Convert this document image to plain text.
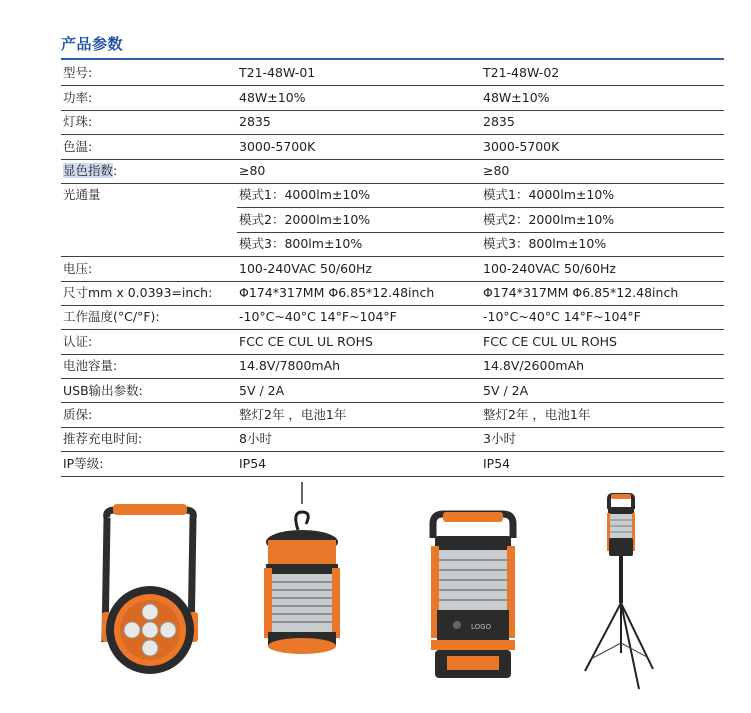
产品参数
型号:	T21-48W-01	T21-48W-02
功率:	48W±10%	48W±10%
灯珠:	2835	2835
色温:	3000-5700K	3000-5700K
显色指数:	≥80	≥80
光通量	模式1：4000lm±10%	模式1：4000lm±10%
	模式2：2000lm±10%	模式2：2000lm±10%
	模式3：800lm±10%	模式3：800lm±10%
电压:	100-240VAC 50/60Hz	100-240VAC 50/60Hz
尺寸mm x 0.0393=inch:	Φ174*317MM Φ6.85*12.48inch	Φ174*317MM Φ6.85*12.48inch
工作温度(°C/°F):	-10°C~40°C 14°F~104°F	-10°C~40°C 14°F~104°F
认证:	FCC CE CUL UL ROHS	FCC CE CUL UL ROHS
电池容量:	14.8V/7800mAh	14.8V/2600mAh
USB输出参数:	5V / 2A	5V / 2A
质保:	整灯2年 ，电池1年	整灯2年 ，电池1年
推荐充电时间:	8小时	3小时
IP等级:	IP54	IP54
LOGO
